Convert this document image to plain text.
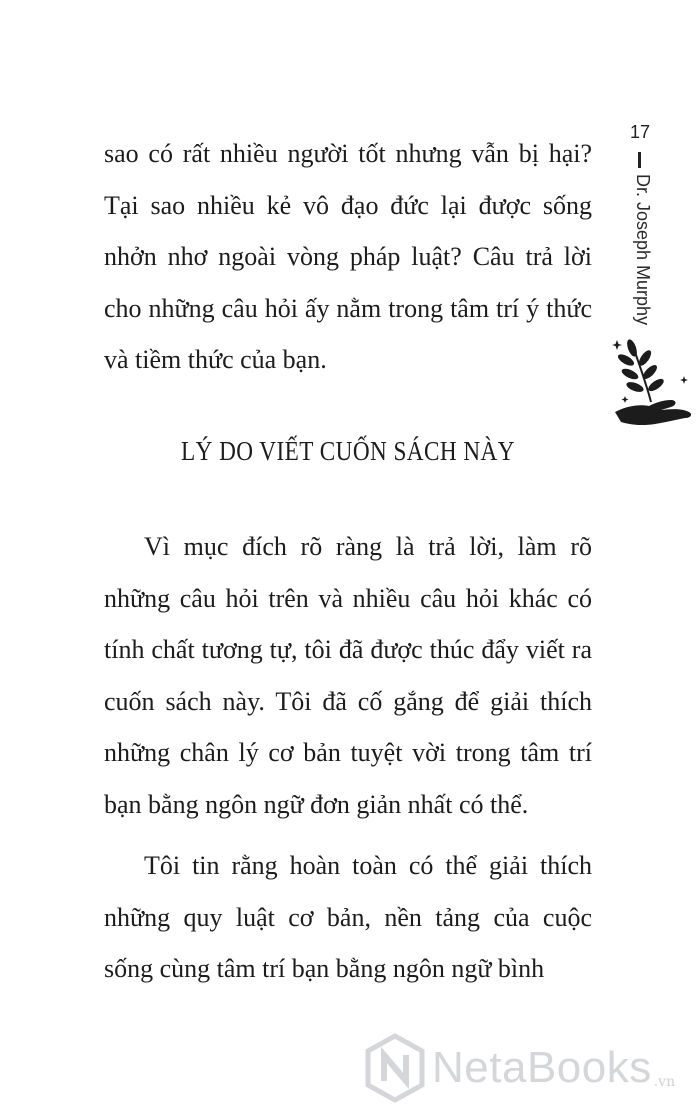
sao có rất nhiều người tốt nhưng vẫn bị hại? Tại sao nhiều kẻ vô đạo đức lại được sống nhởn nhơ ngoài vòng pháp luật? Câu trả lời cho những câu hỏi ấy nằm trong tâm trí ý thức và tiềm thức của bạn.

LÝ DO VIẾT CUỐN SÁCH NÀY

Vì mục đích rõ ràng là trả lời, làm rõ những câu hỏi trên và nhiều câu hỏi khác có tính chất tương tự, tôi đã được thúc đẩy viết ra cuốn sách này. Tôi đã cố gắng để giải thích những chân lý cơ bản tuyệt vời trong tâm trí bạn bằng ngôn ngữ đơn giản nhất có thể.

Tôi tin rằng hoàn toàn có thể giải thích những quy luật cơ bản, nền tảng của cuộc sống cùng tâm trí bạn bằng ngôn ngữ bình

17
Dr. Joseph Murphy
NetaBooks .vn
